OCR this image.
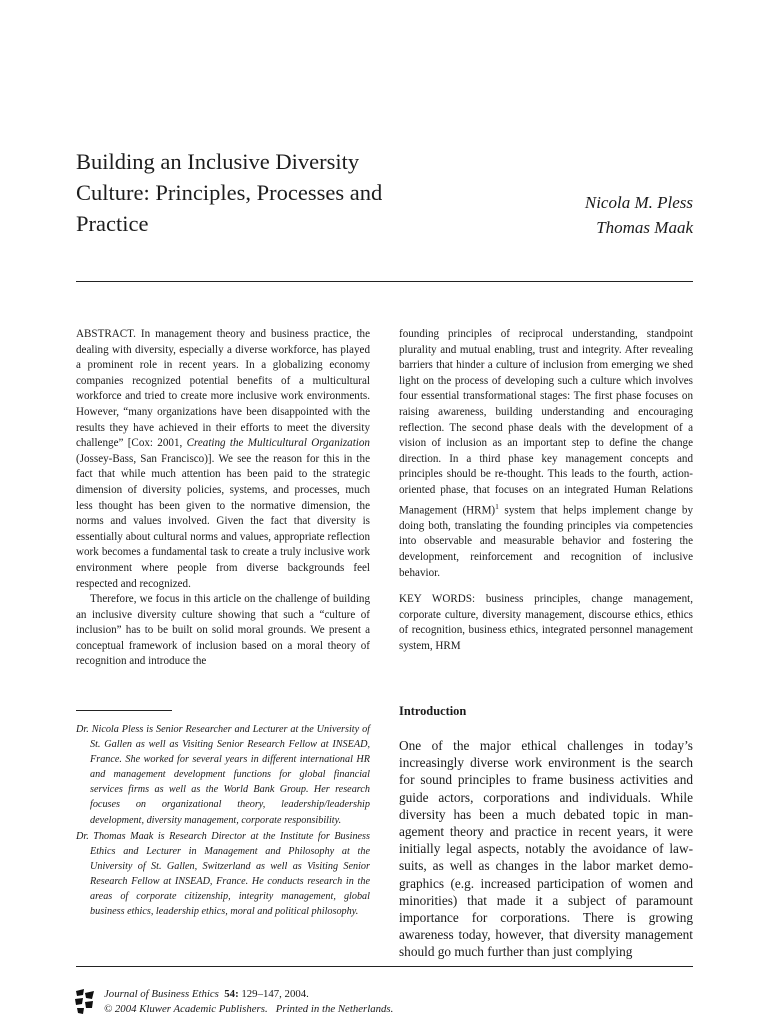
Building an Inclusive Diversity
Culture: Principles, Processes and
Practice
Nicola M. Pless
Thomas Maak

ABSTRACT. In management theory and business practice, the dealing with diversity, especially a diverse workforce, has played a prominent role in recent years. In a globalizing economy companies recognized potential benefits of a multicultural workforce and tried to create more inclusive work environments. However, “many organizations have been disappointed with the results they have achieved in their efforts to meet the diversity challenge” [Cox: 2001, Creating the Multicultural Organization (Jossey-Bass, San Francisco)]. We see the reason for this in the fact that while much attention has been paid to the strategic dimension of diversity policies, systems, and processes, much less thought has been given to the normative dimension, the norms and values involved. Given the fact that diversity is essentially about cultural norms and values, appropriate reflection work becomes a fundamental task to create a truly inclusive work environment where people from diverse backgrounds feel respected and recognized.

Therefore, we focus in this article on the challenge of building an inclusive diversity culture showing that such a “culture of inclusion” has to be built on solid moral grounds. We present a conceptual framework of inclusion based on a moral theory of recognition and introduce the

founding principles of reciprocal understanding, standpoint plurality and mutual enabling, trust and integrity. After revealing barriers that hinder a culture of inclusion from emerging we shed light on the process of developing such a culture which involves four essential transformational stages: The first phase focuses on raising awareness, building understanding and encouraging reflection. The second phase deals with the development of a vision of inclusion as an important step to define the change direction. In a third phase key management concepts and principles should be re-thought. This leads to the fourth, action-oriented phase, that focuses on an integrated Human Relations Management (HRM)$^1$ system that helps implement change by doing both, translating the founding principles via competencies into observable and measurable behavior and fostering the development, reinforcement and recognition of inclusive behavior.

KEY WORDS: business principles, change management, corporate culture, diversity management, discourse ethics, ethics of recognition, business ethics, integrated personnel management system, HRM

Introduction

One of the major ethical challenges in today’s increasingly diverse work environment is the search for sound principles to frame business activities and guide actors, corporations and individuals. While diversity has been a much debated topic in management theory and practice in recent years, it were initially legal aspects, notably the avoidance of lawsuits, as well as changes in the labor market demographics (e.g. increased participation of women and minorities) that made it a subject of paramount importance for corporations. There is growing awareness today, however, that diversity management should go much further than just complying

Dr. Nicola Pless is Senior Researcher and Lecturer at the University of St. Gallen as well as Visiting Senior Research Fellow at INSEAD, France. She worked for several years in different international HR and management development functions for global financial services firms as well as the World Bank Group. Her research focuses on organizational theory, leadership/leadership development, diversity management, corporate responsibility.

Dr. Thomas Maak is Research Director at the Institute for Business Ethics and Lecturer in Management and Philosophy at the University of St. Gallen, Switzerland as well as Visiting Senior Research Fellow at INSEAD, France. He conducts research in the areas of corporate citizenship, integrity management, global business ethics, leadership ethics, moral and political philosophy.

Journal of Business Ethics 54: 129–147, 2004.
© 2004 Kluwer Academic Publishers. Printed in the Netherlands.
